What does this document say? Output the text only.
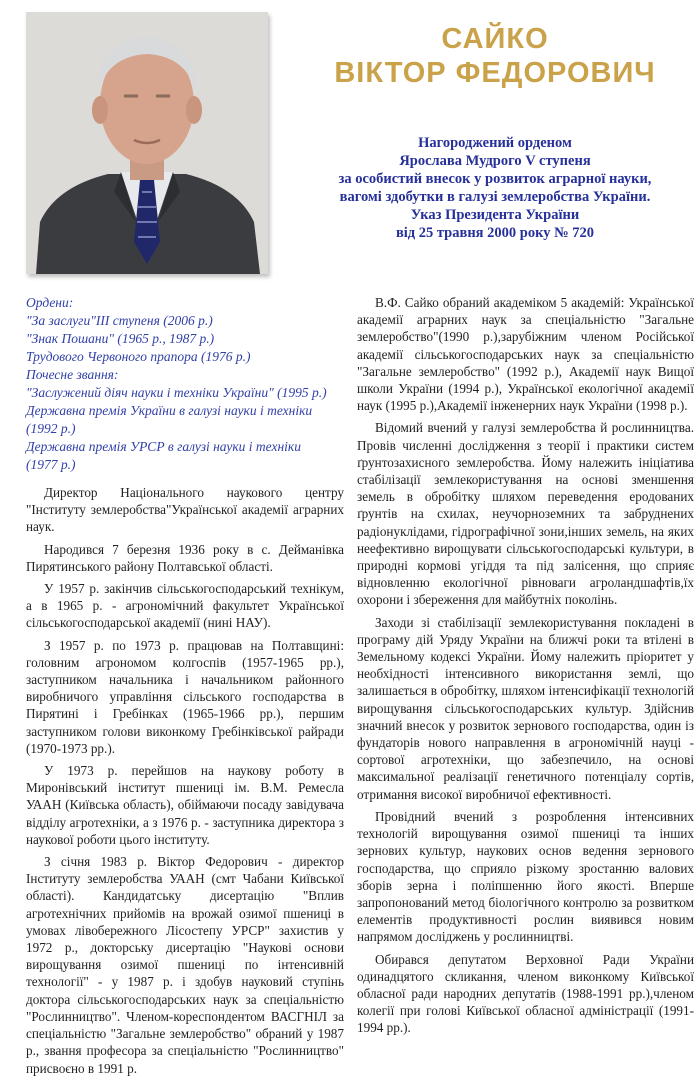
САЙКО
ВІКТОР ФЕДОРОВИЧ
Нагороджений орденом
Ярослава Мудрого V ступеня
за особистий внесок у розвиток аграрної науки,
вагомі здобутки в галузі землеробства України.
Указ Президента України
від 25 травня 2000 року № 720
Ордени:
"За заслуги"III ступеня (2006 р.)
"Знак Пошани" (1965 р., 1987 р.)
Трудового Червоного прапора (1976 р.)
Почесне звання:
"Заслужений діяч науки і техніки України" (1995 р.)
Державна премія України в галузі науки і техніки
(1992 р.)
Державна премія УРСР в галузі науки і техніки
(1977 р.)

Директор Національного наукового центру "Інституту землеробства"Української академії аграрних наук.

Народився 7 березня 1936 року в с. Дейманівка Пирятинського району Полтавської області.

У 1957 р. закінчив сільськогосподарський технікум, а в 1965 р. - агрономічний факультет Української сільськогосподарської академії (нині НАУ).

З 1957 р. по 1973 р. працював на Полтавщині: головним агрономом колгоспів (1957-1965 рр.), заступником начальника і начальником районного виробничого управління сільського господарства в Пирятині і Гребінках (1965-1966 рр.), першим заступником голови виконкому Гребінківської райради (1970-1973 рр.).

У 1973 р. перейшов на наукову роботу в Миронівський інститут пшениці ім. В.М. Ремесла УААН (Київська область), обіймаючи посаду завідувача відділу агротехніки, а з 1976 р. - заступника директора з наукової роботи цього інституту.

З січня 1983 р. Віктор Федорович - директор Інституту землеробства УААН (смт Чабани Київської області). Кандидатську дисертацію "Вплив агротехнічних прийомів на врожай озимої пшениці в умовах лівобережного Лісостепу УРСР" захистив у 1972 р., докторську дисертацію "Наукові основи вирощування озимої пшениці по інтенсивній технології" - у 1987 р. і здобув науковий ступінь доктора сільськогосподарських наук за спеціальністю "Рослинництво". Членом-кореспондентом ВАСГНІЛ за спеціальністю "Загальне землеробство" обраний у 1987 р., звання професора за спеціальністю "Рослинництво" присвоєно в 1991 р.

В.Ф. Сайко обраний академіком 5 академій: Української академії аграрних наук за спеціальністю "Загальне землеробство"(1990 р.),зарубіжним членом Російської академії сільськогосподарських наук за спеціальністю "Загальне землеробство" (1992 р.), Академії наук Вищої школи України (1994 р.), Української екологічної академії наук (1995 р.),Академії інженерних наук України (1998 р.).

Відомий вчений у галузі землеробства й рослинництва. Провів численні дослідження з теорії і практики систем ґрунтозахисного землеробства. Йому належить ініціатива стабілізації землекористування на основі зменшення земель в обробітку шляхом переведення еродованих ґрунтів на схилах, неучорноземних та забруднених радіонуклідами, гідрографічної зони,інших земель, на яких неефективно вирощувати сільськогосподарські культури, в природні кормові угіддя та під залісення, що сприяє відновленню екологічної рівноваги агроландшафтів,їх охорони і збереження для майбутніх поколінь.

Заходи зі стабілізації землекористування покладені в програму дій Уряду України на ближчі роки та втілені в Земельному кодексі України. Йому належить пріоритет у необхідності інтенсивного використання землі, що залишається в обробітку, шляхом інтенсифікації технологій вирощування сільськогосподарських культур. Здійснив значний внесок у розвиток зернового господарства, один із фундаторів нового направлення в агрономічній науці - сортової агротехніки, що забезпечило, на основі максимальної реалізації генетичного потенціалу сортів, отримання високої виробничої ефективності.

Провідний вчений з розроблення інтенсивних технологій вирощування озимої пшениці та інших зернових культур, наукових основ ведення зернового господарства, що сприяло різкому зростанню валових зборів зерна і поліпшенню його якості. Вперше запропонований метод біологічного контролю за розвитком елементів продуктивності рослин виявився новим напрямом досліджень у рослинництві.

Обирався депутатом Верховної Ради України одинадцятого скликання, членом виконкому Київської обласної ради народних депутатів (1988-1991 рр.),членом колегії при голові Київської обласної адміністрації (1991-1994 рр.).
